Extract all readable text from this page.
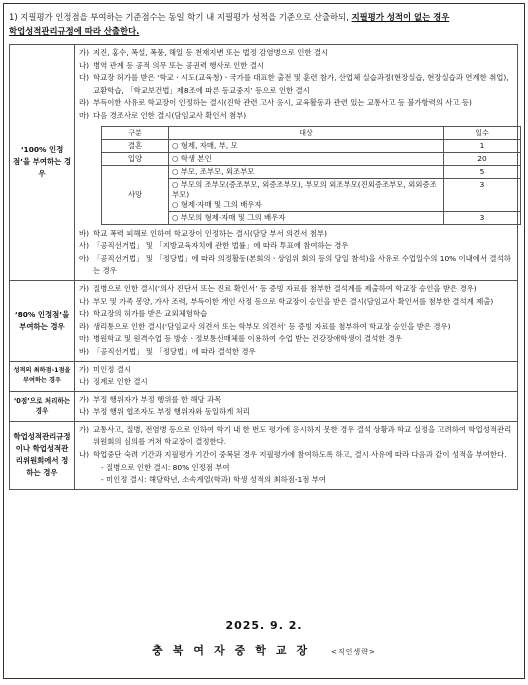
1) 지필평가 인정점을 부여하는 기준점수는 동일 학기 내 지필평가 성적을 기준으로 산출하되, 지필평가 성적이 없는 경우
학업성적관리규정에 따라 산출한다.
‘100% 인정점’을 부여하는 경우	
가) 지진, 홍수, 폭설, 폭풍, 해일 등 천재지변 또는 법정 감염병으로 인한 결시
나) 병역 관계 등 공적 의무 또는 공권력 행사로 인한 결시
다) 학교장 허가를 받은 ‘학교ㆍ시도(교육청)ㆍ국가를 대표한 출전 및 훈련 참가, 산업체 실습과정(현장실습, 현장실습과 연계한 취업), 교환학습, 「학교보건법」제8조에 따른 등교중지’ 등으로 인한 결시
라) 부득이한 사유로 학교장이 인정하는 결시(진학 관련 고사 응시, 교육활동과 관련 있는 교통사고 등 불가항력의 사고 등)
마) 다음 경조사로 인한 결시(담임교사 확인서 첨부)
구분	대상	일수
결혼	○ 형제, 자매, 부, 모	1
입양	○ 학생 본인	20
사망	○ 부모, 조부모, 외조부모	5
○ 부모의 조부모(증조부모, 외증조부모), 부모의 외조부모(진외증조부모, 외외증조부모)
○ 형제·자매 및 그의 배우자	3
○ 부모의 형제·자매 및 그의 배우자	3
바) 학교 폭력 피해로 인하여 학교장이 인정하는 결시(담당 부서 의견서 첨부)
사) 「공직선거법」 및 「지방교육자치에 관한 법률」에 따라 투표에 참여하는 경우
아) 「공직선거법」 및 「정당법」에 따라 의정활동(본회의ㆍ상임위 회의 등의 당일 참석)을 사유로 수업일수의 10% 이내에서 결석하는 경우

‘80% 인정점’을 부여하는 경우	
가) 질병으로 인한 결시(‘의사 진단서 또는 진료 확인서’ 등 증빙 자료를 첨부한 결석계를 제출하여 학교장 승인을 받은 경우)
나) 부모 및 가족 봉양, 가사 조력, 부득이한 개인 사정 등으로 학교장이 승인을 받은 결시(담임교사 확인서를 첨부한 결석계 제출)
다) 학교장의 허가를 받은 교외체험학습
라) 생리통으로 인한 결시(‘담임교사 의견서 또는 학부모 의견서’ 등 증빙 자료를 첨부하여 학교장 승인을 받은 경우)
마) 병원학교 및 원격수업 등 방송ㆍ정보통신매체를 이용하여 수업 받는 건강장애학생이 결석한 경우
바) 「공직선거법」 및 「정당법」에 따라 결석한 경우

성적의 최하점-1점을 부여하는 경우	
가) 미인정 결시
나) 징계로 인한 결시

‘0점’으로 처리하는 경우	
가) 부정 행위자가 부정 행위를 한 해당 과목
나) 부정 행위 협조자도 부정 행위자와 동일하게 처리

학업성적관리규정이나 학업성적관리위원회에서 정하는 경우	
가) 교통사고, 질병, 전염병 등으로 인하여 학기 내 한 번도 평가에 응시하지 못한 경우 결석 상황과 학교 실정을 고려하여 학업성적관리위원회의 심의를 거쳐 학교장이 결정한다.
나) 학업중단 숙려 기간과 지필평가 기간이 중복된 경우 지필평가에 참여하도록 하고, 결시 사유에 따라 다음과 같이 성적을 부여한다.
- 질병으로 인한 결시: 80% 인정점 부여
- 미인정 결시: 해당학년, 소속계열(학과) 학생 성적의 최하점-1점 부여
2025. 9. 2.
충북여자중학교장 <직인생략>
